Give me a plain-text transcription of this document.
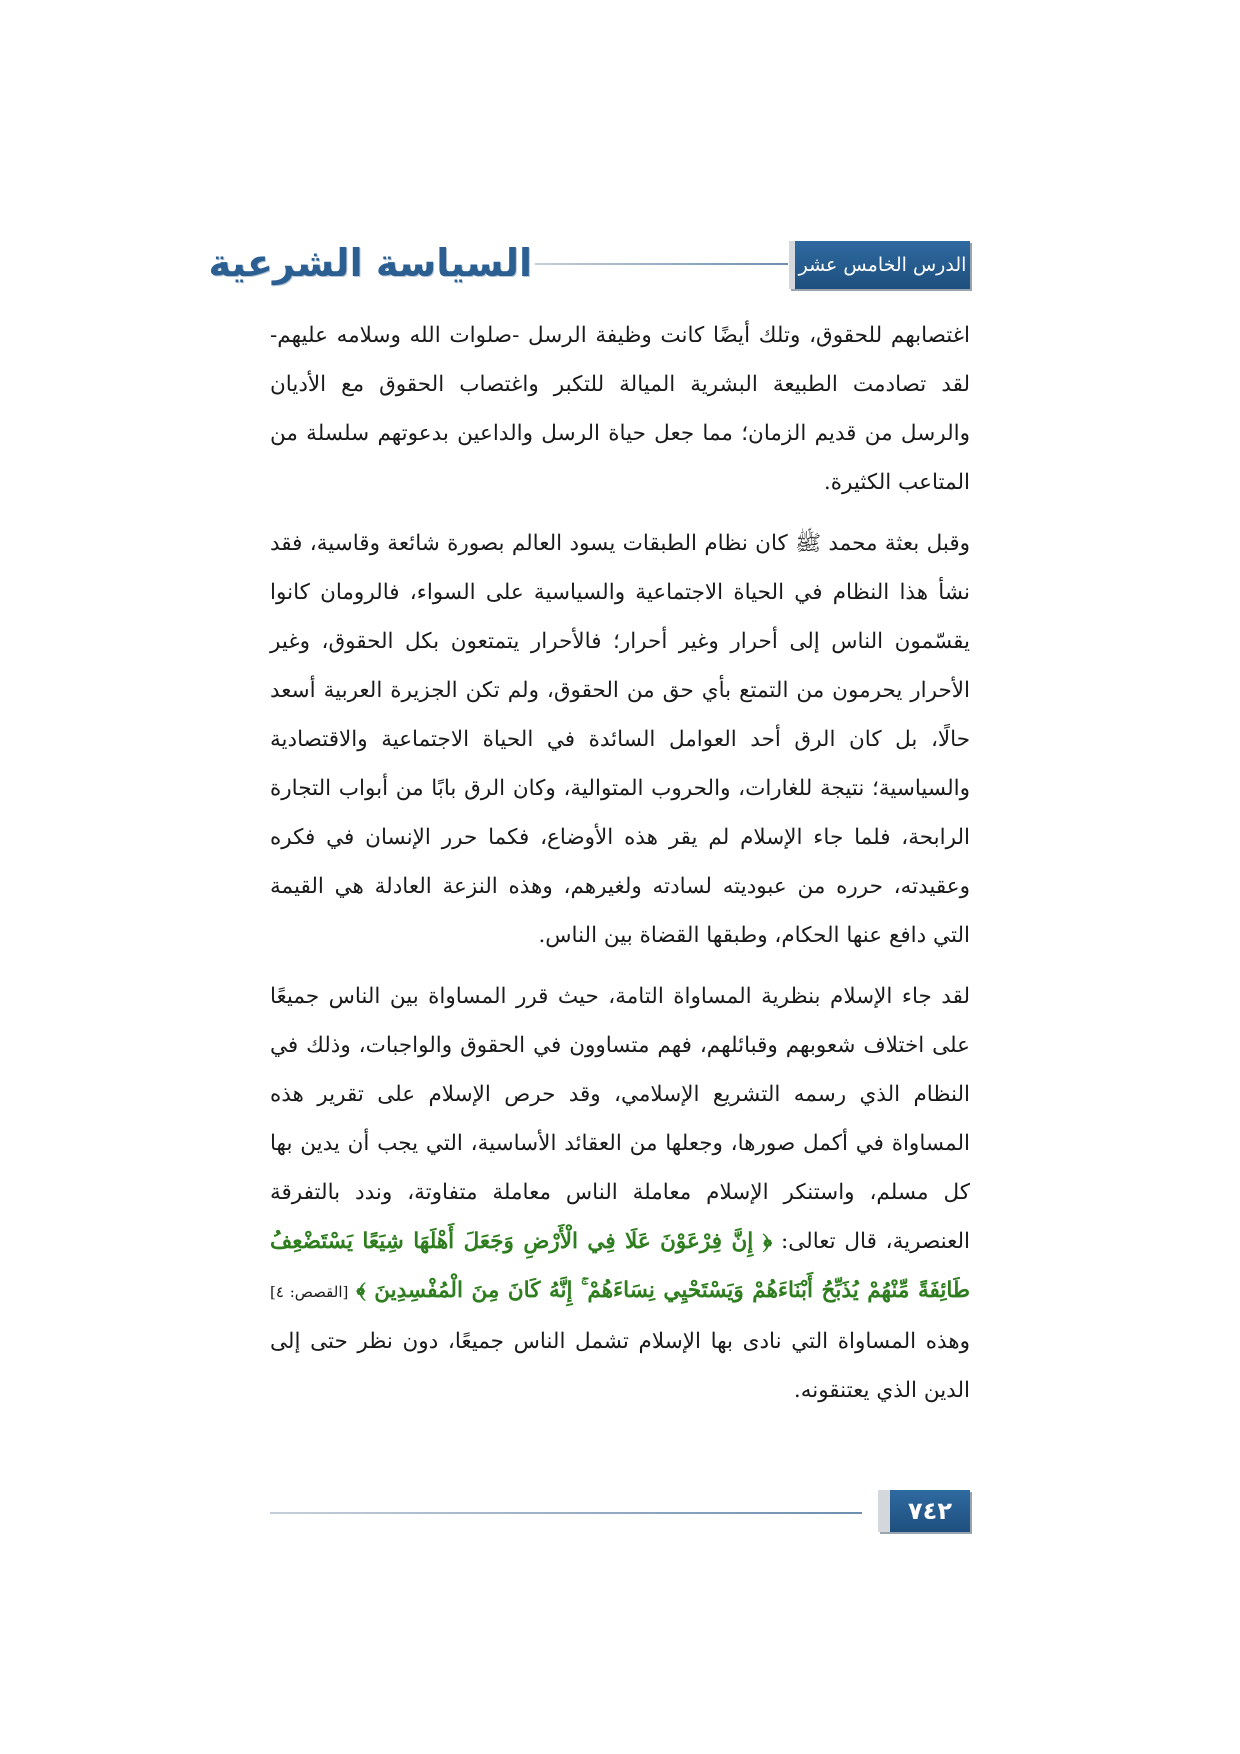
السياسة الشرعية	الدرس الخامس عشر

اغتصابهم للحقوق، وتلك أيضًا كانت وظيفة الرسل -صلوات الله وسلامه عليهم- لقد تصادمت الطبيعة البشرية الميالة للتكبر واغتصاب الحقوق مع الأديان والرسل من قديم الزمان؛ مما جعل حياة الرسل والداعين بدعوتهم سلسلة من المتاعب الكثيرة.

وقبل بعثة محمد ﷺ كان نظام الطبقات يسود العالم بصورة شائعة وقاسية، فقد نشأ هذا النظام في الحياة الاجتماعية والسياسية على السواء، فالرومان كانوا يقسّمون الناس إلى أحرار وغير أحرار؛ فالأحرار يتمتعون بكل الحقوق، وغير الأحرار يحرمون من التمتع بأي حق من الحقوق، ولم تكن الجزيرة العربية أسعد حالًا، بل كان الرق أحد العوامل السائدة في الحياة الاجتماعية والاقتصادية والسياسية؛ نتيجة للغارات، والحروب المتوالية، وكان الرق بابًا من أبواب التجارة الرابحة، فلما جاء الإسلام لم يقر هذه الأوضاع، فكما حرر الإنسان في فكره وعقيدته، حرره من عبوديته لسادته ولغيرهم، وهذه النزعة العادلة هي القيمة التي دافع عنها الحكام، وطبقها القضاة بين الناس.

لقد جاء الإسلام بنظرية المساواة التامة، حيث قرر المساواة بين الناس جميعًا على اختلاف شعوبهم وقبائلهم، فهم متساوون في الحقوق والواجبات، وذلك في النظام الذي رسمه التشريع الإسلامي، وقد حرص الإسلام على تقرير هذه المساواة في أكمل صورها، وجعلها من العقائد الأساسية، التي يجب أن يدين بها كل مسلم، واستنكر الإسلام معاملة الناس معاملة متفاوتة، وندد بالتفرقة العنصرية، قال تعالى: ﴿ إِنَّ فِرْعَوْنَ عَلَا فِي الْأَرْضِ وَجَعَلَ أَهْلَهَا شِيَعًا يَسْتَضْعِفُ طَائِفَةً مِّنْهُمْ يُذَبِّحُ أَبْنَاءَهُمْ وَيَسْتَحْيِي نِسَاءَهُمْ ۚ إِنَّهُ كَانَ مِنَ الْمُفْسِدِينَ ﴾ [القصص: ٤] وهذه المساواة التي نادى بها الإسلام تشمل الناس جميعًا، دون نظر حتى إلى الدين الذي يعتنقونه.

٧٤٢
